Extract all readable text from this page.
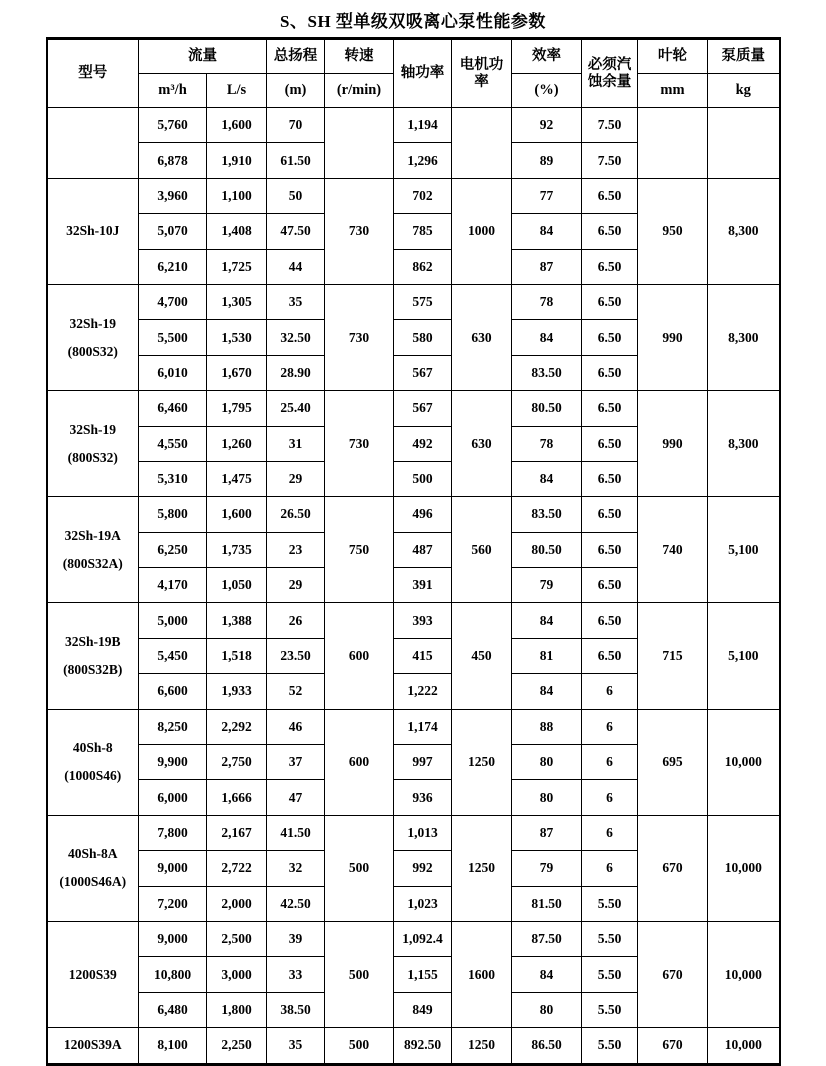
S、SH 型单级双吸离心泵性能参数
型号	流量		总扬程	转速	轴功率	电机功率	效率	必须汽蚀余量	叶轮	泵质量
	m³/h	L/s	(m)	(r/min)			(%)		mm	kg

	5,760	1,600	70		1,194		92	7.50		
	6,878	1,910	61.50		1,296		89	7.50		

32Sh-10J	3,960	1,100	50	730	702	1000	77	6.50	950	8,300
	5,070	1,408	47.50		785		84	6.50		
	6,210	1,725	44		862		87	6.50		

32Sh-19
(800S32)	4,700	1,305	35	730	575	630	78	6.50	990	8,300
	5,500	1,530	32.50		580		84	6.50		
	6,010	1,670	28.90		567		83.50	6.50		

32Sh-19
(800S32)	6,460	1,795	25.40	730	567	630	80.50	6.50	990	8,300
	4,550	1,260	31		492		78	6.50		
	5,310	1,475	29		500		84	6.50		

32Sh-19A
(800S32A)	5,800	1,600	26.50	750	496	560	83.50	6.50	740	5,100
	6,250	1,735	23		487		80.50	6.50		
	4,170	1,050	29		391		79	6.50		

32Sh-19B
(800S32B)	5,000	1,388	26	600	393	450	84	6.50	715	5,100
	5,450	1,518	23.50		415		81	6.50		
	6,600	1,933	52		1,222		84	6		

40Sh-8
(1000S46)	8,250	2,292	46	600	1,174	1250	88	6	695	10,000
	9,900	2,750	37		997		80	6		
	6,000	1,666	47		936		80	6		

40Sh-8A
(1000S46A)	7,800	2,167	41.50	500	1,013	1250	87	6	670	10,000
	9,000	2,722	32		992		79	6		
	7,200	2,000	42.50		1,023		81.50	5.50		

1200S39	9,000	2,500	39	500	1,092.4	1600	87.50	5.50	670	10,000
	10,800	3,000	33		1,155		84	5.50		
	6,480	1,800	38.50		849		80	5.50		

1200S39A	8,100	2,250	35	500	892.50	1250	86.50	5.50	670	10,000
